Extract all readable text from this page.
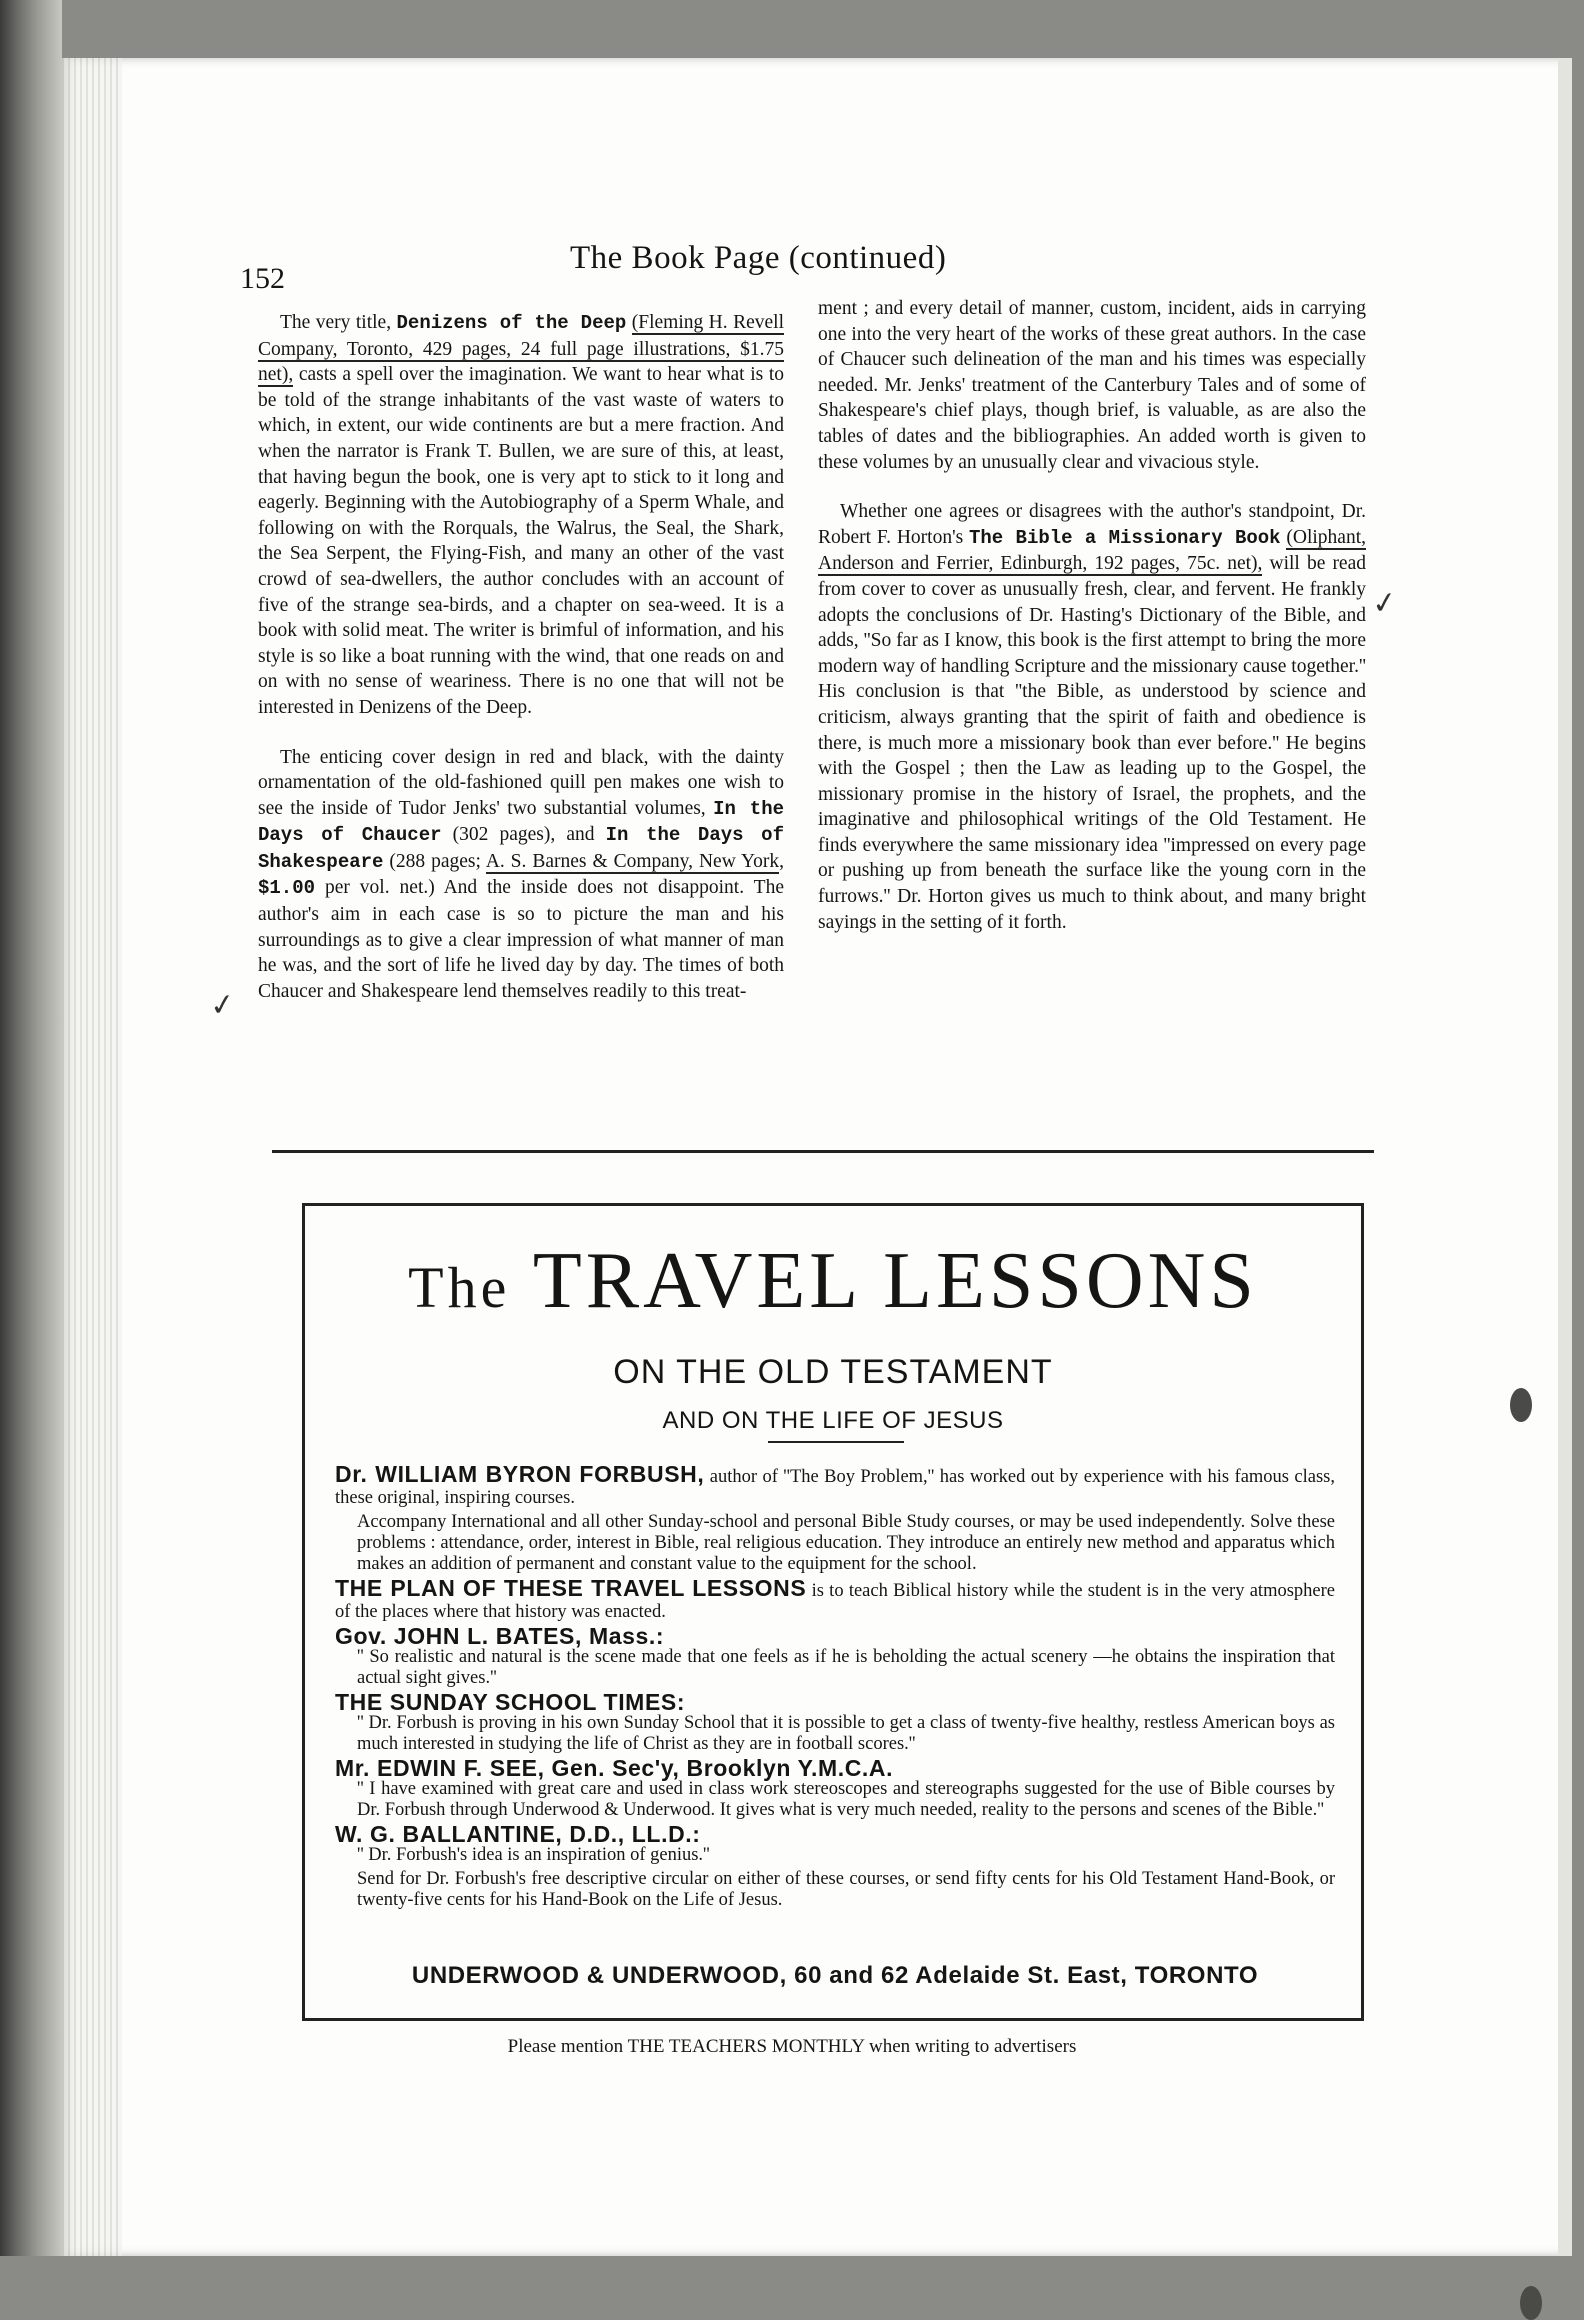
152
The Book Page (continued)

The very title, Denizens of the Deep (Fleming H. Revell Company, Toronto, 429 pages, 24 full page illustrations, $1.75 net), casts a spell over the imagination. We want to hear what is to be told of the strange inhabitants of the vast waste of waters to which, in extent, our wide continents are but a mere fraction. And when the narrator is Frank T. Bullen, we are sure of this, at least, that having begun the book, one is very apt to stick to it long and eagerly. Beginning with the Autobiography of a Sperm Whale, and following on with the Rorquals, the Walrus, the Seal, the Shark, the Sea Serpent, the Flying-Fish, and many an other of the vast crowd of sea-dwellers, the author concludes with an account of five of the strange sea-birds, and a chapter on sea-weed. It is a book with solid meat. The writer is brimful of information, and his style is so like a boat running with the wind, that one reads on and on with no sense of weariness. There is no one that will not be interested in Denizens of the Deep.

The enticing cover design in red and black, with the dainty ornamentation of the old-fashioned quill pen makes one wish to see the inside of Tudor Jenks' two substantial volumes, In the Days of Chaucer (302 pages), and In the Days of Shakespeare (288 pages; A. S. Barnes & Company, New York, $1.00 per vol. net.) And the inside does not disappoint. The author's aim in each case is so to picture the man and his surroundings as to give a clear impression of what manner of man he was, and the sort of life he lived day by day. The times of both Chaucer and Shakespeare lend themselves readily to this treat-

ment ; and every detail of manner, custom, incident, aids in carrying one into the very heart of the works of these great authors. In the case of Chaucer such delineation of the man and his times was especially needed. Mr. Jenks' treatment of the Canterbury Tales and of some of Shakespeare's chief plays, though brief, is valuable, as are also the tables of dates and the bibliographies. An added worth is given to these volumes by an unusually clear and vivacious style.

Whether one agrees or disagrees with the author's standpoint, Dr. Robert F. Horton's The Bible a Missionary Book (Oliphant, Anderson and Ferrier, Edinburgh, 192 pages, 75c. net), will be read from cover to cover as unusually fresh, clear, and fervent. He frankly adopts the conclusions of Dr. Hasting's Dictionary of the Bible, and adds, ''So far as I know, this book is the first attempt to bring the more modern way of handling Scripture and the missionary cause together.'' His conclusion is that ''the Bible, as understood by science and criticism, always granting that the spirit of faith and obedience is there, is much more a missionary book than ever before.'' He begins with the Gospel ; then the Law as leading up to the Gospel, the missionary promise in the history of Israel, the prophets, and the imaginative and philosophical writings of the Old Testament. He finds everywhere the same missionary idea ''impressed on every page or pushing up from beneath the surface like the young corn in the furrows.'' Dr. Horton gives us much to think about, and many bright sayings in the setting of it forth.

✓
✓
The TRAVEL LESSONS
ON THE OLD TESTAMENT
AND ON THE LIFE OF JESUS
Dr. WILLIAM BYRON FORBUSH, author of ''The Boy Problem,'' has worked out by experience with his famous class, these original, inspiring courses.
Accompany International and all other Sunday-school and personal Bible Study courses, or may be used independently. Solve these problems : attendance, order, interest in Bible, real religious education. They introduce an entirely new method and apparatus which makes an addition of permanent and constant value to the equipment for the school.
THE PLAN OF THESE TRAVEL LESSONS is to teach Biblical history while the student is in the very atmosphere of the places where that history was enacted.
Gov. JOHN L. BATES, Mass.:
'' So realistic and natural is the scene made that one feels as if he is beholding the actual scenery —he obtains the inspiration that actual sight gives.''
THE SUNDAY SCHOOL TIMES:
'' Dr. Forbush is proving in his own Sunday School that it is possible to get a class of twenty-five healthy, restless American boys as much interested in studying the life of Christ as they are in football scores.''
Mr. EDWIN F. SEE, Gen. Sec'y, Brooklyn Y.M.C.A.
'' I have examined with great care and used in class work stereoscopes and stereographs suggested for the use of Bible courses by Dr. Forbush through Underwood & Underwood. It gives what is very much needed, reality to the persons and scenes of the Bible.''
W. G. BALLANTINE, D.D., LL.D.:
'' Dr. Forbush's idea is an inspiration of genius.''
Send for Dr. Forbush's free descriptive circular on either of these courses, or send fifty cents for his Old Testament Hand-Book, or twenty-five cents for his Hand-Book on the Life of Jesus.
UNDERWOOD & UNDERWOOD, 60 and 62 Adelaide St. East, TORONTO
Please mention THE TEACHERS MONTHLY when writing to advertisers
